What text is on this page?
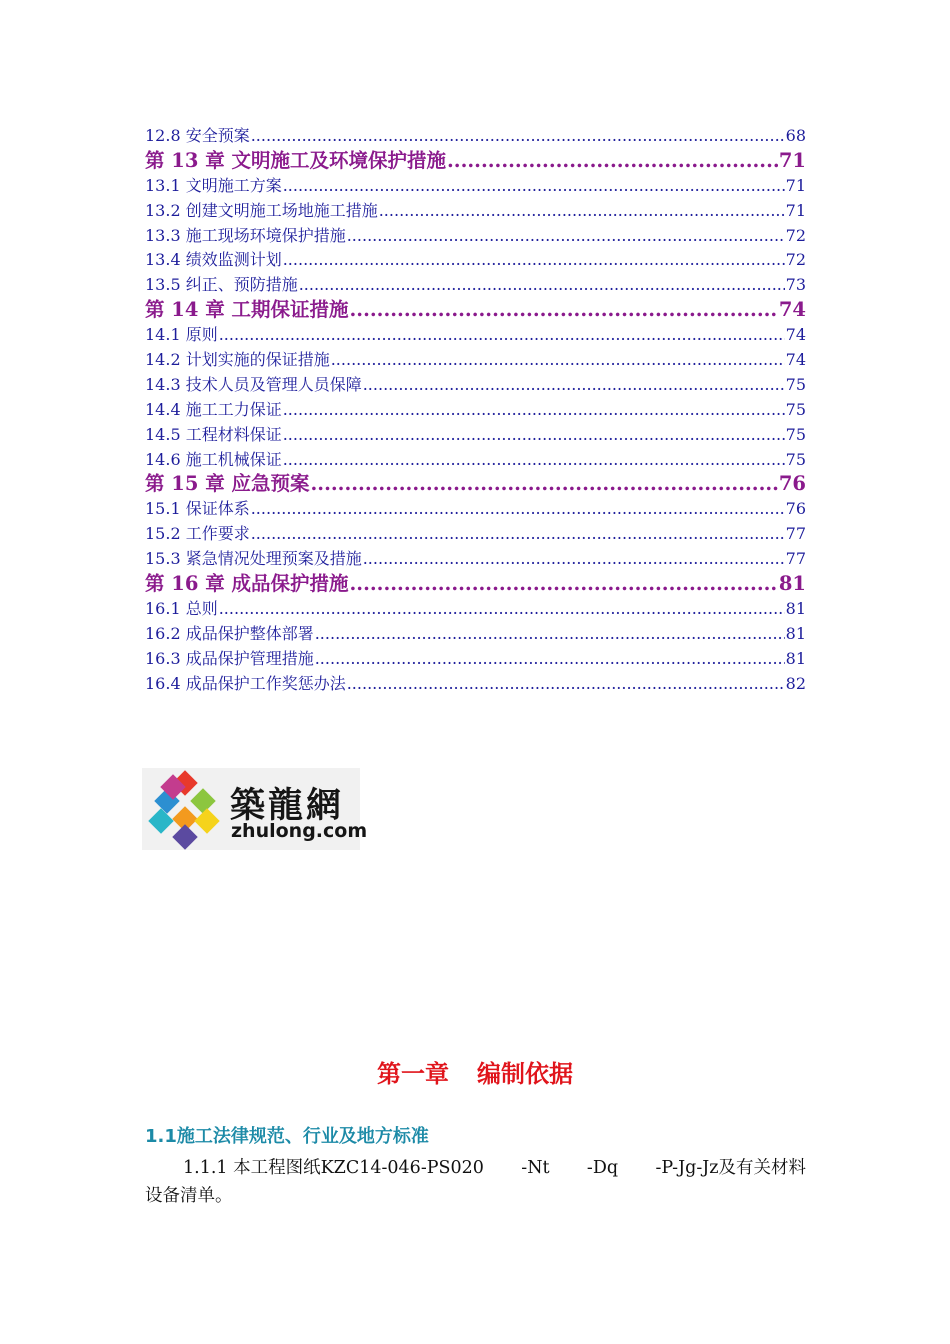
12.8 安全预案 .....	68
第 13 章 文明施工及环境保护措施 .....	71
13.1 文明施工方案 .....	71
13.2 创建文明施工场地施工措施 .....	71
13.3 施工现场环境保护措施 .....	72
13.4 绩效监测计划 .....	72
13.5 纠正、预防措施 .....	73
第 14 章 工期保证措施 .....	74
14.1 原则 .....	74
14.2 计划实施的保证措施 .....	74
14.3 技术人员及管理人员保障 .....	75
14.4 施工工力保证 .....	75
14.5 工程材料保证 .....	75
14.6 施工机械保证 .....	75
第 15 章 应急预案 .....	76
15.1 保证体系 .....	76
15.2 工作要求 .....	77
15.3 紧急情况处理预案及措施 .....	77
第 16 章 成品保护措施 .....	81
16.1 总则 .....	81
16.2 成品保护整体部署 .....	81
16.3 成品保护管理措施 .....	81
16.4 成品保护工作奖惩办法 .....	82
築龍網
zhulong.com
第一章 编制依据
1.1施工法律规范、行业及地方标准
1.1.1 本工程图纸KZC14-046-PS020 -Nt -Dq -P-Jg-Jz及有关材料
设备清单。
